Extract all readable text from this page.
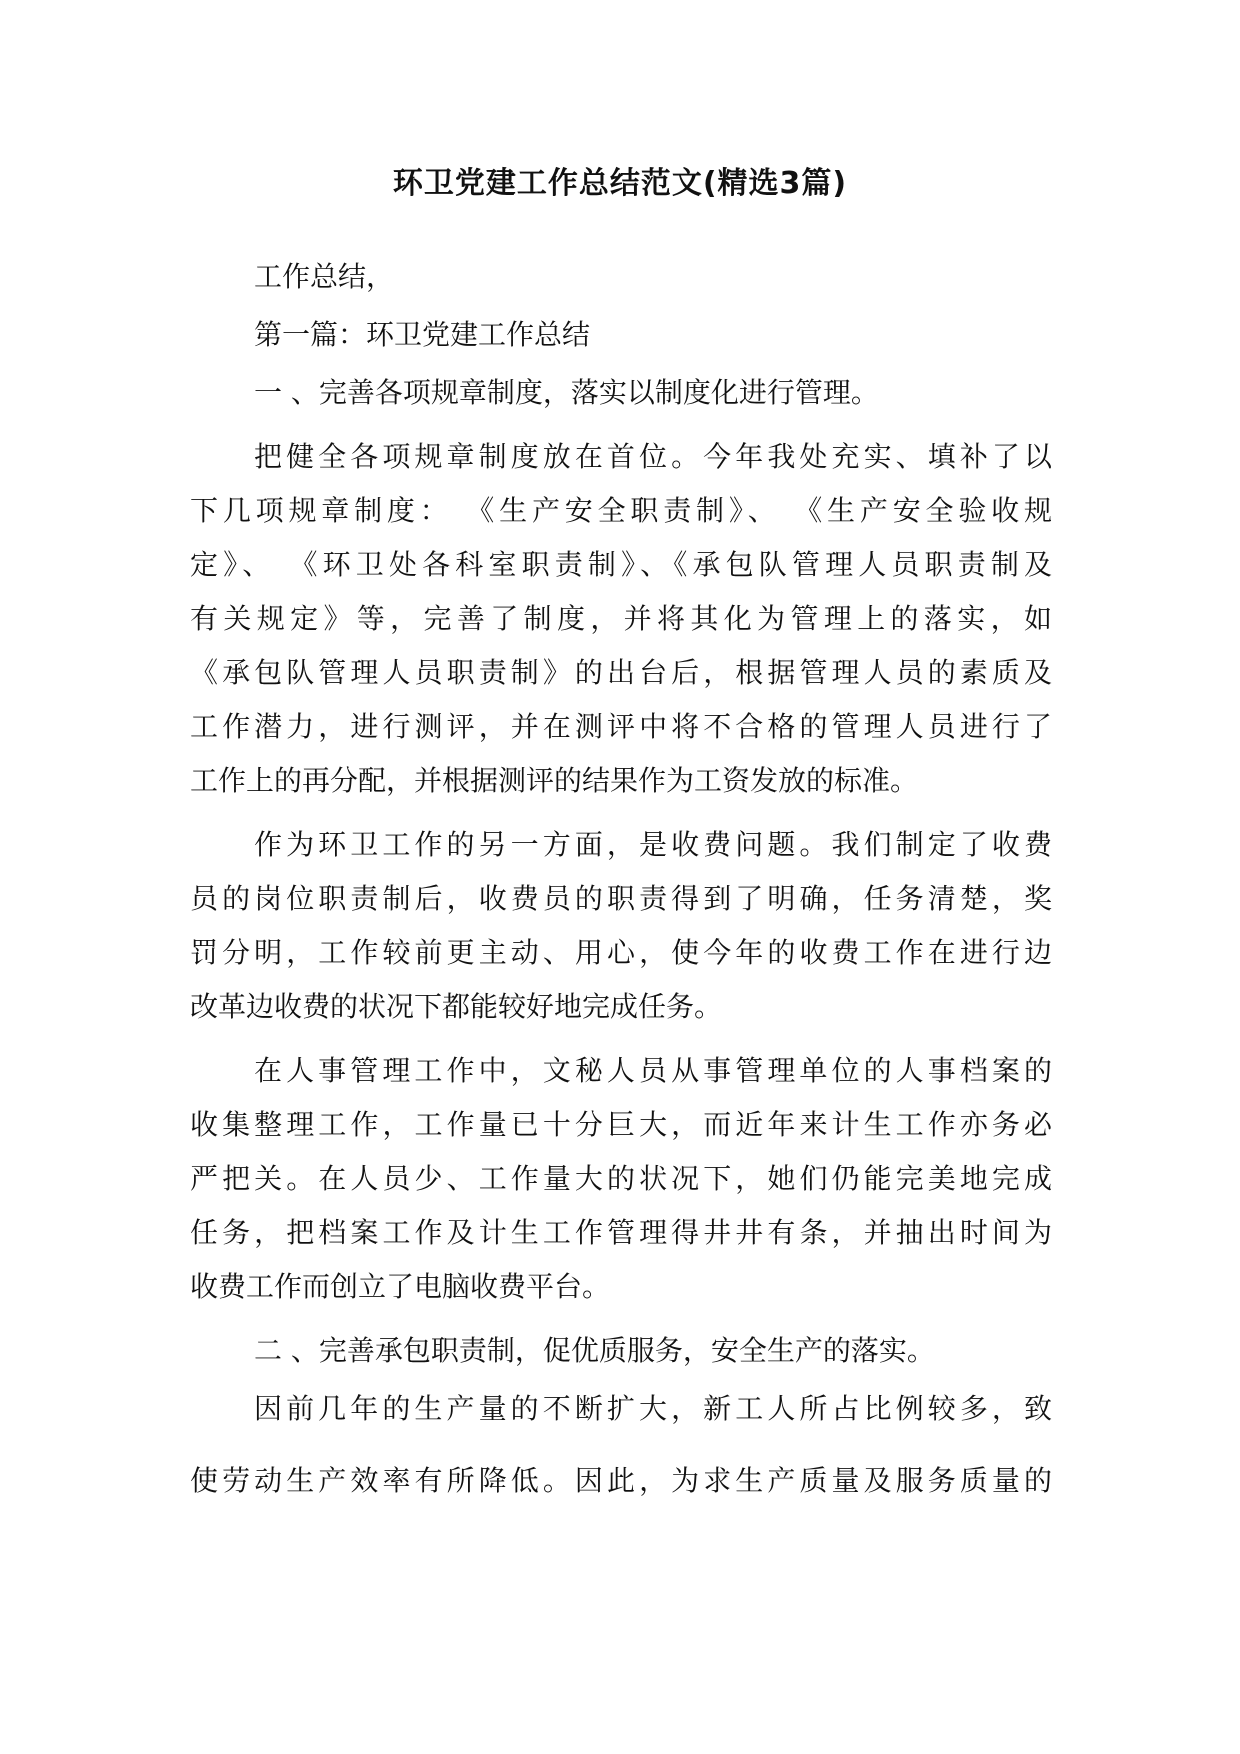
环卫党建工作总结范文(精选3篇)
工作总结，
第一篇：环卫党建工作总结
一 、完善各项规章制度，落实以制度化进行管理。
把健全各项规章制度放在首位。今年我处充实、填补了以
下几项规章制度： 《生产安全职责制》、 《生产安全验收规
定》、 《环卫处各科室职责制》、《承包队管理人员职责制及
有关规定》等，完善了制度，并将其化为管理上的落实，如
《承包队管理人员职责制》的出台后，根据管理人员的素质及
工作潜力，进行测评，并在测评中将不合格的管理人员进行了
工作上的再分配，并根据测评的结果作为工资发放的标准。
作为环卫工作的另一方面，是收费问题。我们制定了收费
员的岗位职责制后，收费员的职责得到了明确，任务清楚，奖
罚分明，工作较前更主动、用心，使今年的收费工作在进行边
改革边收费的状况下都能较好地完成任务。
在人事管理工作中，文秘人员从事管理单位的人事档案的
收集整理工作，工作量已十分巨大，而近年来计生工作亦务必
严把关。在人员少、工作量大的状况下，她们仍能完美地完成
任务，把档案工作及计生工作管理得井井有条，并抽出时间为
收费工作而创立了电脑收费平台。
二 、完善承包职责制，促优质服务，安全生产的落实。
因前几年的生产量的不断扩大，新工人所占比例较多，致
使劳动生产效率有所降低。因此，为求生产质量及服务质量的
